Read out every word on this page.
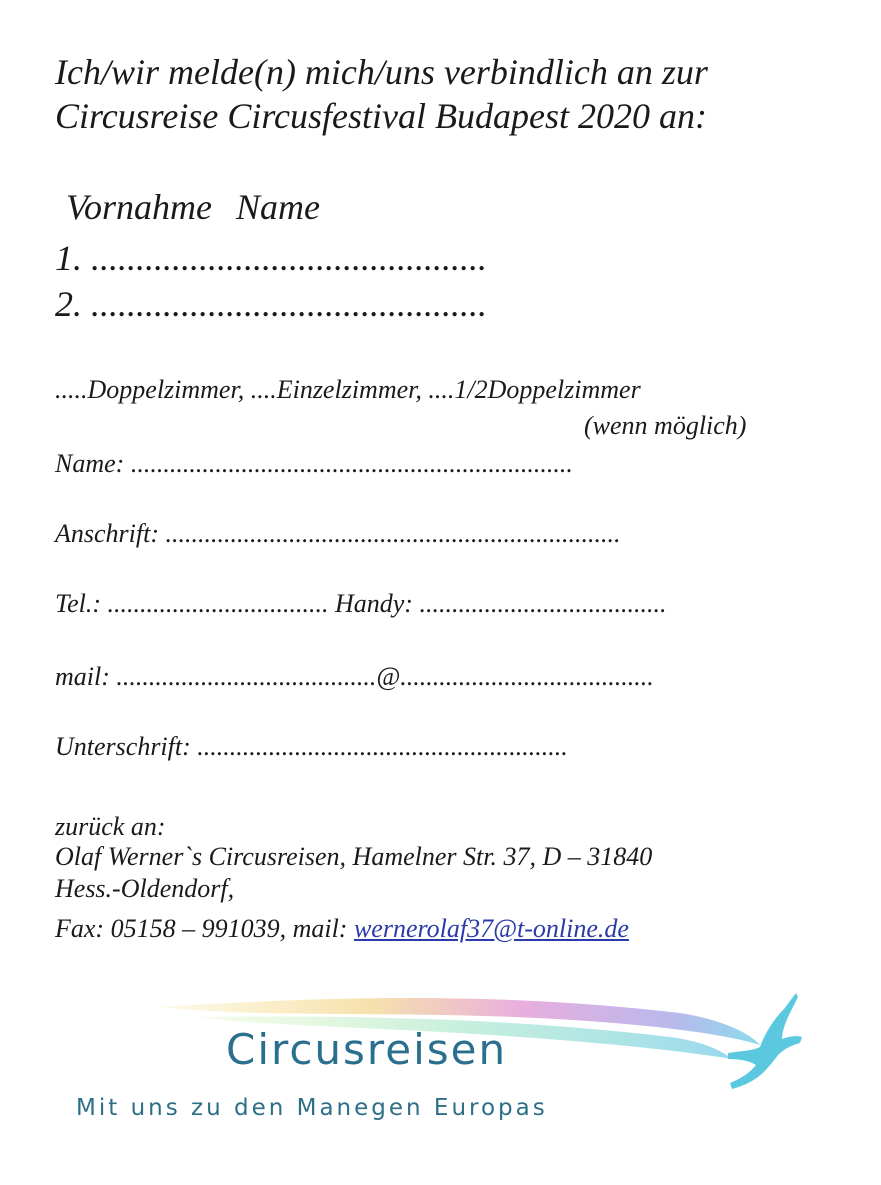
Ich/wir melde(n) mich/uns verbindlich an zur
Circusreise Circusfestival Budapest 2020 an:
Vornahme Name
1. ............................................
2. ............................................
.....Doppelzimmer, ....Einzelzimmer, ....1/2Doppelzimmer
(wenn möglich)
Name: ....................................................................
Anschrift: ......................................................................
Tel.: .................................. Handy: ......................................
mail: ........................................@.......................................
Unterschrift: .........................................................
zurück an:
Olaf Werner`s Circusreisen, Hamelner Str. 37, D – 31840
Hess.-Oldendorf,
Fax: 05158 – 991039, mail: wernerolaf37@t-online.de
Circusreisen
Mit uns zu den Manegen Europas
